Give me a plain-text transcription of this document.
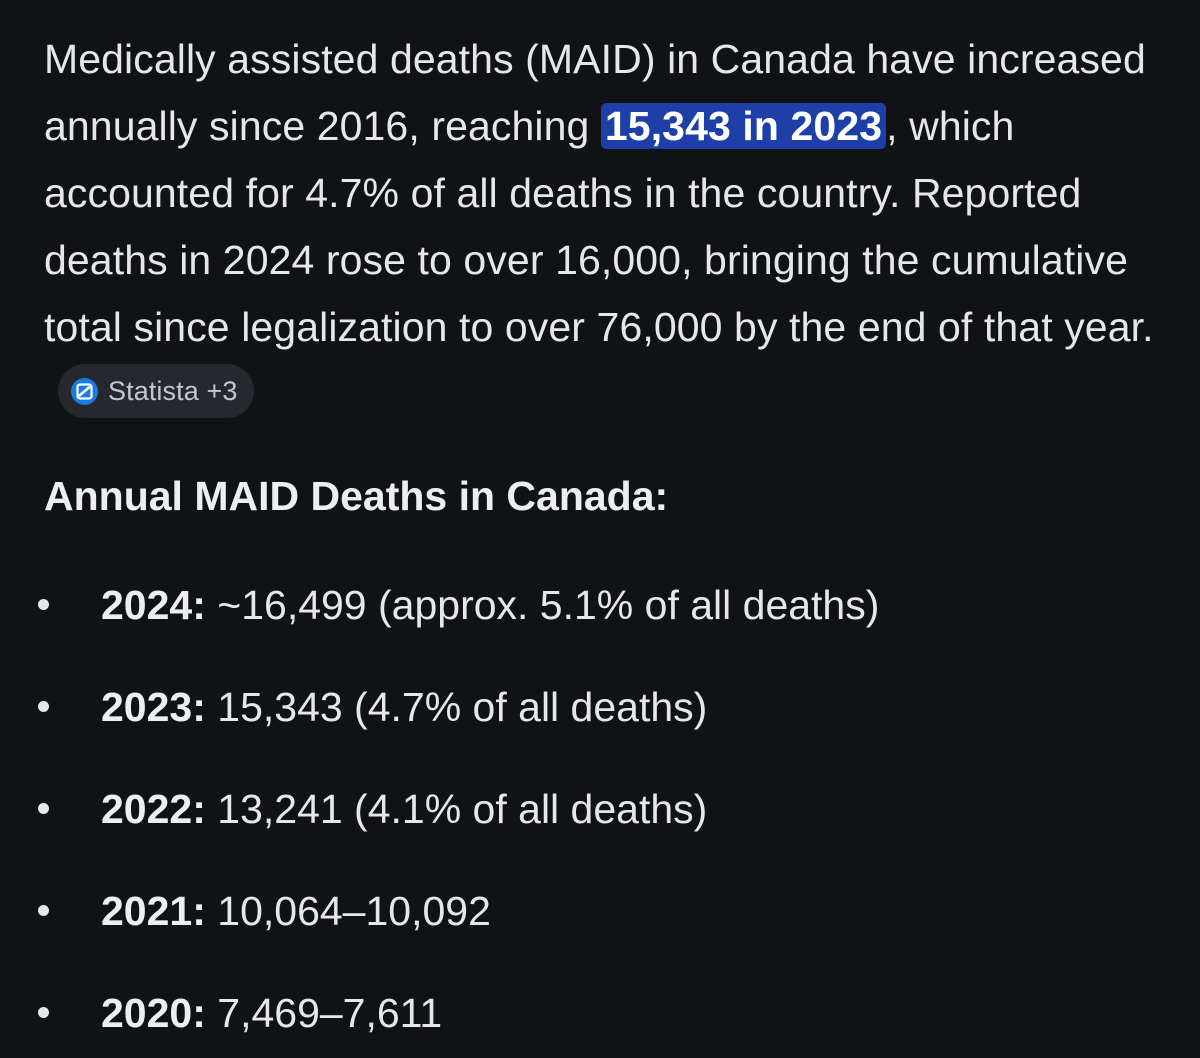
Medically assisted deaths (MAID) in Canada have increased annually since 2016, reaching 15,343 in 2023, which accounted for 4.7% of all deaths in the country. Reported deaths in 2024 rose to over 16,000, bringing the cumulative total since legalization to over 76,000 by the end of that year.
Statista +3

Annual MAID Deaths in Canada:
2024: ~16,499 (approx. 5.1% of all deaths)
2023: 15,343 (4.7% of all deaths)
2022: 13,241 (4.1% of all deaths)
2021: 10,064–10,092
2020: 7,469–7,611
